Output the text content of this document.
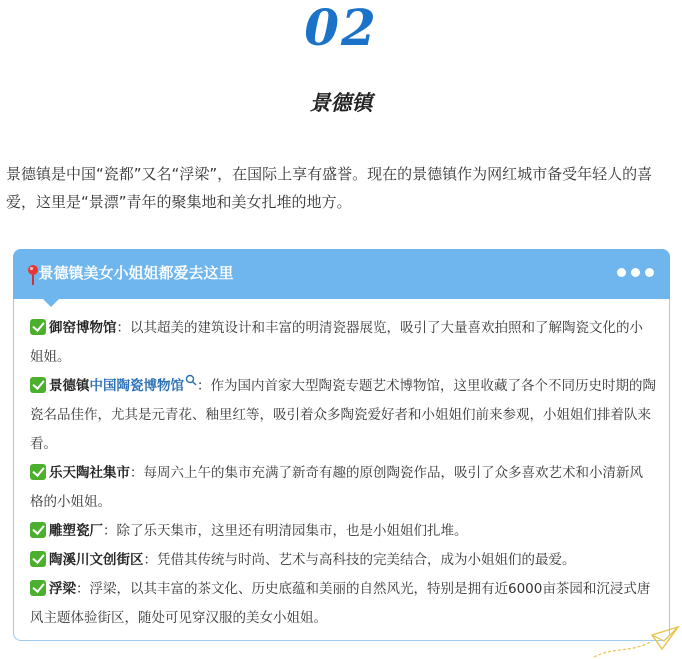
02
景德镇

景德镇是中国“瓷都”又名“浮梁”，在国际上享有盛誉。现在的景德镇作为网红城市备受年轻人的喜爱，这里是“景漂”青年的聚集地和美女扎堆的地方。

景德镇美女小姐姐都爱去这里
御窑博物馆：以其超美的建筑设计和丰富的明清瓷器展览，吸引了大量喜欢拍照和了解陶瓷文化的小姐姐。
景德镇中国陶瓷博物馆 ：作为国内首家大型陶瓷专题艺术博物馆，这里收藏了各个不同历史时期的陶瓷名品佳作，尤其是元青花、釉里红等，吸引着众多陶瓷爱好者和小姐姐们前来参观，小姐姐们排着队来看。
乐天陶社集市：每周六上午的集市充满了新奇有趣的原创陶瓷作品，吸引了众多喜欢艺术和小清新风格的小姐姐。
雕塑瓷厂：除了乐天集市，这里还有明清园集市，也是小姐姐们扎堆。
陶溪川文创街区：凭借其传统与时尚、艺术与高科技的完美结合，成为小姐姐们的最爱。
浮梁：浮梁，以其丰富的茶文化、历史底蕴和美丽的自然风光，特别是拥有近6000亩茶园和沉浸式唐风主题体验街区，随处可见穿汉服的美女小姐姐。
